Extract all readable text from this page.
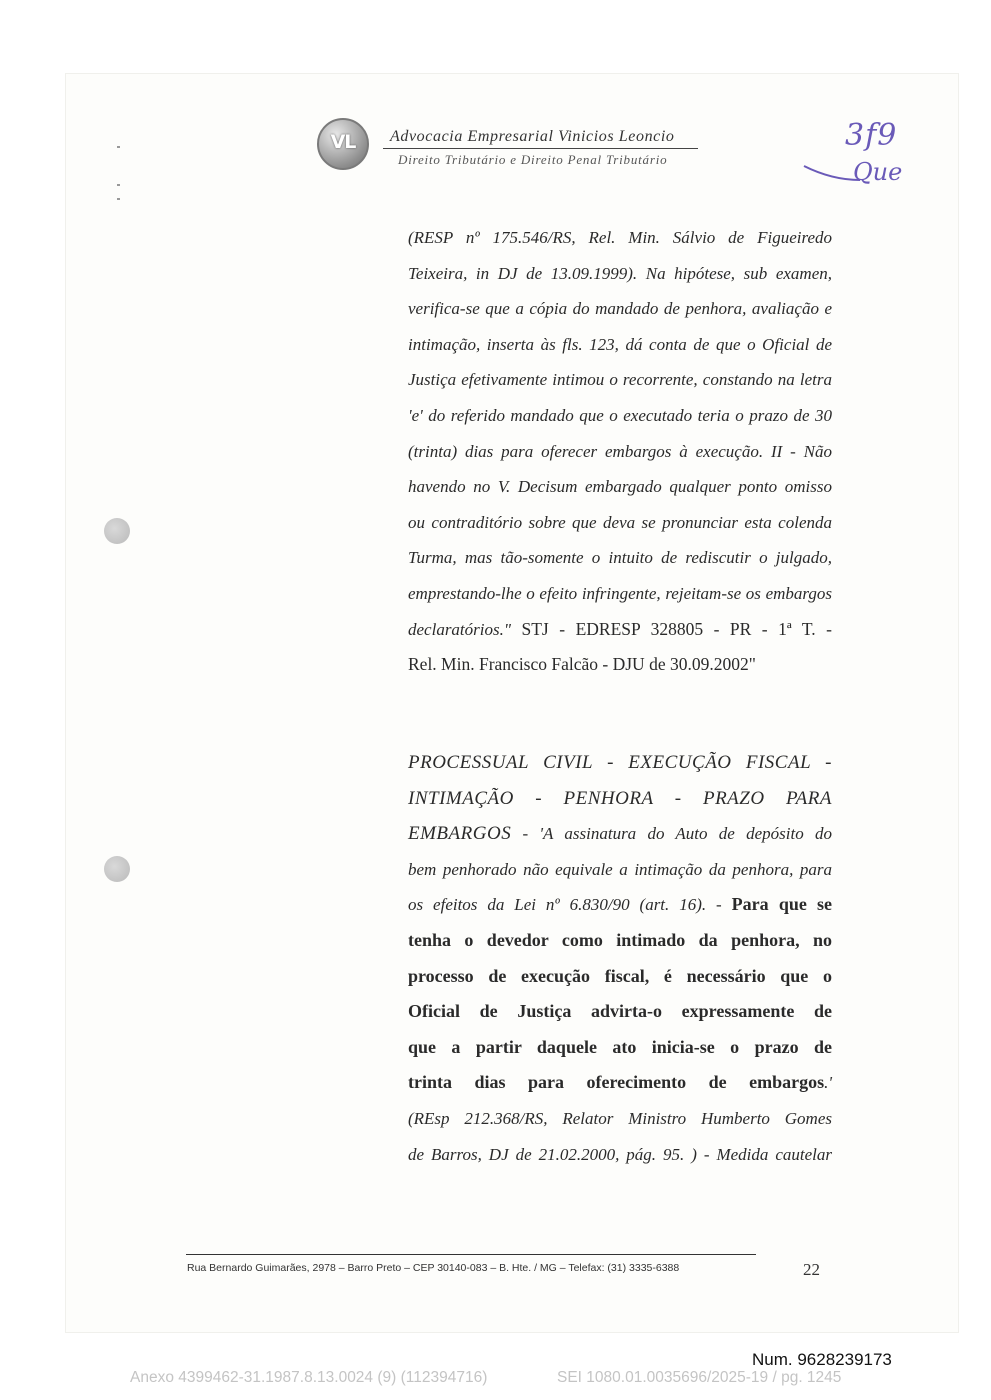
VL	Advocacia Empresarial Vinicios Leoncio
Direito Tributário e Direito Penal Tributário
3f9
Que
(RESP nº 175.546/RS, Rel. Min. Sálvio de Figueiredo
Teixeira, in DJ de 13.09.1999). Na hipótese, sub examen,
verifica-se que a cópia do mandado de penhora, avaliação e
intimação, inserta às fls. 123, dá conta de que o Oficial de
Justiça efetivamente intimou o recorrente, constando na letra
'e' do referido mandado que o executado teria o prazo de 30
(trinta) dias para oferecer embargos à execução. II - Não
havendo no V. Decisum embargado qualquer ponto omisso
ou contraditório sobre que deva se pronunciar esta colenda
Turma, mas tão-somente o intuito de rediscutir o julgado,
emprestando-lhe o efeito infringente, rejeitam-se os embargos
declaratórios." STJ - EDRESP 328805 - PR - 1ª T. -
Rel. Min. Francisco Falcão - DJU de 30.09.2002"
PROCESSUAL CIVIL - EXECUÇÃO FISCAL -
INTIMAÇÃO - PENHORA - PRAZO PARA
EMBARGOS - 'A assinatura do Auto de depósito do
bem penhorado não equivale a intimação da penhora, para
os efeitos da Lei nº 6.830/90 (art. 16). - Para que se
tenha o devedor como intimado da penhora, no
processo de execução fiscal, é necessário que o
Oficial de Justiça advirta-o expressamente de
que a partir daquele ato inicia-se o prazo de
trinta dias para oferecimento de embargos.'
(REsp 212.368/RS, Relator Ministro Humberto Gomes
de Barros, DJ de 21.02.2000, pág. 95. ) - Medida cautelar
Rua Bernardo Guimarães, 2978 – Barro Preto – CEP 30140-083 – B. Hte. / MG – Telefax: (31) 3335-6388	22
Num. 9628239173
Anexo 4399462-31.1987.8.13.0024 (9) (112394716)	SEI 1080.01.0035696/2025-19 / pg. 1245
